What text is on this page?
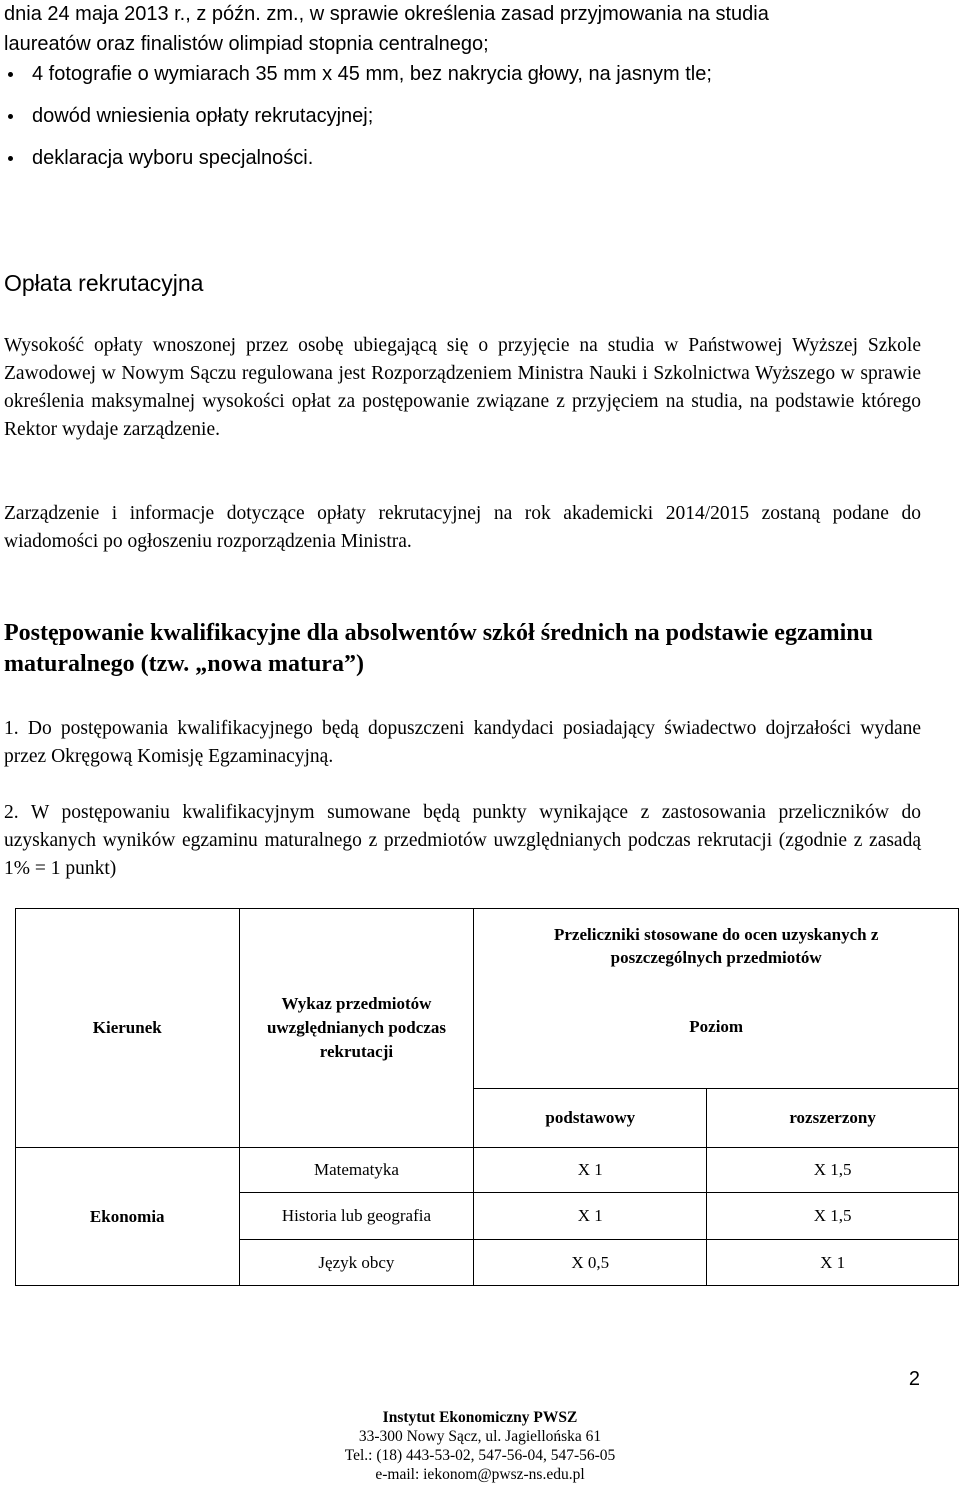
dnia 24 maja 2013 r., z późn. zm., w sprawie określenia zasad przyjmowania na studia
laureatów oraz finalistów olimpiad stopnia centralnego;
4 fotografie o wymiarach 35 mm x 45 mm, bez nakrycia głowy, na jasnym tle;
dowód wniesienia opłaty rekrutacyjnej;
deklaracja wyboru specjalności.
Opłata rekrutacyjna
Wysokość opłaty wnoszonej przez osobę ubiegającą się o przyjęcie na studia w Państwowej Wyższej Szkole Zawodowej w Nowym Sączu regulowana jest Rozporządzeniem Ministra Nauki i Szkolnictwa Wyższego w sprawie określenia maksymalnej wysokości opłat za postępowanie związane z przyjęciem na studia, na podstawie którego Rektor wydaje zarządzenie.
Zarządzenie i informacje dotyczące opłaty rekrutacyjnej na rok akademicki 2014/2015 zostaną podane do wiadomości po ogłoszeniu rozporządzenia Ministra.
Postępowanie kwalifikacyjne dla absolwentów szkół średnich na podstawie egzaminu maturalnego (tzw. „nowa matura”)
1. Do postępowania kwalifikacyjnego będą dopuszczeni kandydaci posiadający świadectwo dojrzałości wydane przez Okręgową Komisję Egzaminacyjną.
2. W postępowaniu kwalifikacyjnym sumowane będą punkty wynikające z zastosowania przeliczników do uzyskanych wyników egzaminu maturalnego z przedmiotów uwzględnianych podczas rekrutacji (zgodnie z zasadą 1% = 1 punkt)
Kierunek	Wykaz przedmiotów uwzględnianych podczas rekrutacji	Przeliczniki stosowane do ocen uzyskanych z poszczególnych przedmiotów
Poziom	

		podstawowy	rozszerzony
Ekonomia	Matematyka	X 1	X 1,5
	Historia lub geografia	X 1	X 1,5
	Język obcy	X 0,5	X 1
2
Instytut Ekonomiczny PWSZ
33-300 Nowy Sącz, ul. Jagiellońska 61
Tel.: (18) 443-53-02, 547-56-04, 547-56-05
e-mail: iekonom@pwsz-ns.edu.pl
